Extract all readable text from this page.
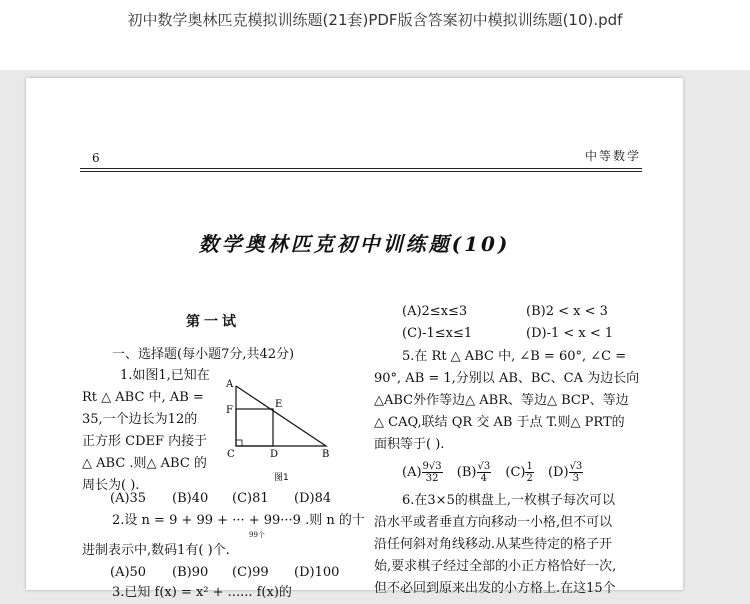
初中数学奥林匹克模拟训练题(21套)PDF版含答案初中模拟训练题(10).pdf
6	中等数学
数学奥林匹克初中训练题(10)
第一试
一、选择题(每小题7分,共42分)
1.如图1,已知在
Rt △ ABC 中, AB =
35,一个边长为12的
正方形 CDEF 内接于
△ ABC .则△ ABC 的
周长为( ).
A
F
E
C	D	B
图1
(A)35 (B)40 (C)81 (D)84
2.设 n = 9 + 99 + ··· + 99···9 .则 n 的十
99个
进制表示中,数码1有( )个.
(A)50 (B)90 (C)99 (D)100
3.已知 f(x) = x² + ...... f(x)的
(A)2≤x≤3	(B)2 < x < 3
(C)-1≤x≤1	(D)-1 < x < 1
5.在 Rt △ ABC 中, ∠B = 60°, ∠C =
90°, AB = 1,分别以 AB、BC、CA 为边长向
△ABC外作等边△ ABR、等边△ BCP、等边
△ CAQ,联结 QR 交 AB 于点 T.则△ PRT的
面积等于( ).
$(A) \frac{9√3}{32} (B) \frac{√3}{4} (C) \frac{1}{2} (D) \frac{√3}{3}$
6.在3×5的棋盘上,一枚棋子每次可以
沿水平或者垂直方向移动一小格,但不可以
沿任何斜对角线移动.从某些待定的格子开
始,要求棋子经过全部的小正方格恰好一次,
但不必回到原来出发的小方格上.在这15个
